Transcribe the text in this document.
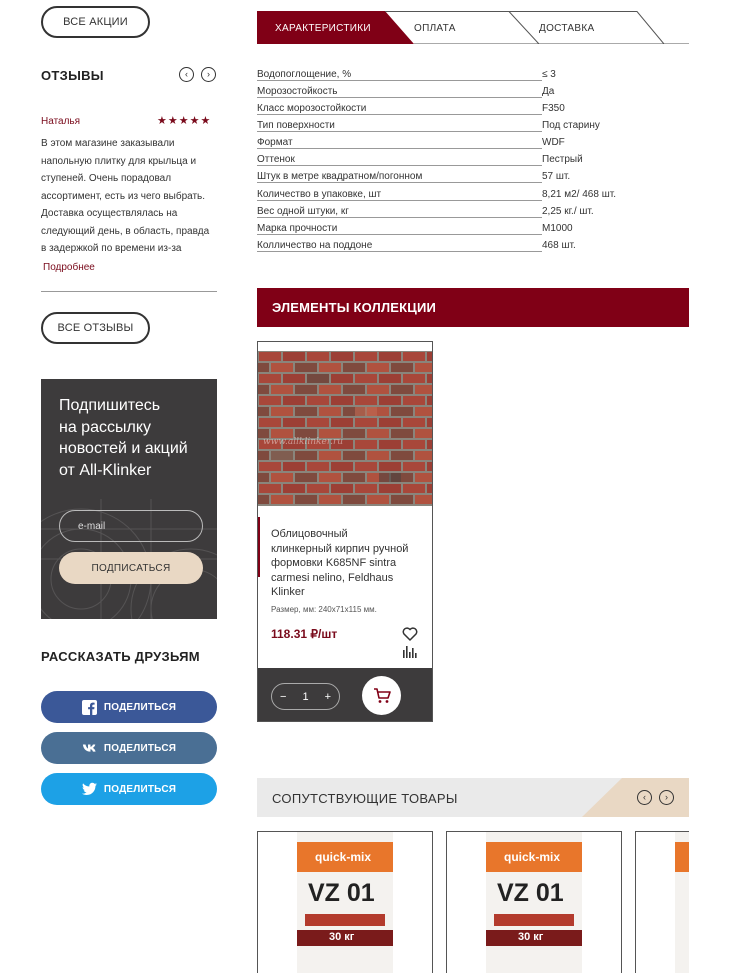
ВСЕ АКЦИИ
ОТЗЫВЫ	‹	›
Наталья	★★★★★
В этом магазине заказывали напольную плитку для крыльца и ступеней. Очень порадовал ассортимент, есть из чего выбрать. Доставка осуществлялась на следующий день, в область, правда в задержкой по времени из-за
Подробнее
ВСЕ ОТЗЫВЫ
Подпишитесь
на рассылку
новостей и акций
от All-Klinker
e-mail
ПОДПИСАТЬСЯ
РАССКАЗАТЬ ДРУЗЬЯМ
ПОДЕЛИТЬСЯ
ПОДЕЛИТЬСЯ
ПОДЕЛИТЬСЯ
ХАРАКТЕРИСТИКИ	ОПЛАТА	ДОСТАВКА
Водопоглощение, %	≤ 3
Морозостойкость	Да
Класс морозостойкости	F350
Тип поверхности	Под старину
Формат	WDF
Оттенок	Пестрый
Штук в метре квадратном/погонном	57 шт.
Количество в упаковке, шт	8,21 м2/ 468 шт.
Вес одной штуки, кг	2,25 кг./ шт.
Марка прочности	М1000
Колличество на поддоне	468 шт.
ЭЛЕМЕНТЫ КОЛЛЕКЦИИ
www.allklinker.ru
Облицовочный
клинкерный кирпич ручной
формовки K685NF sintra
carmesi nelino, Feldhaus
Klinker
Размер, мм: 240x71x115 мм.
118.31 ₽/шт
− 1 +
СОПУТСТВУЮЩИЕ ТОВАРЫ	‹	›
quick-mix
VZ 01
30 кг
quick-mix
VZ 01
30 кг
